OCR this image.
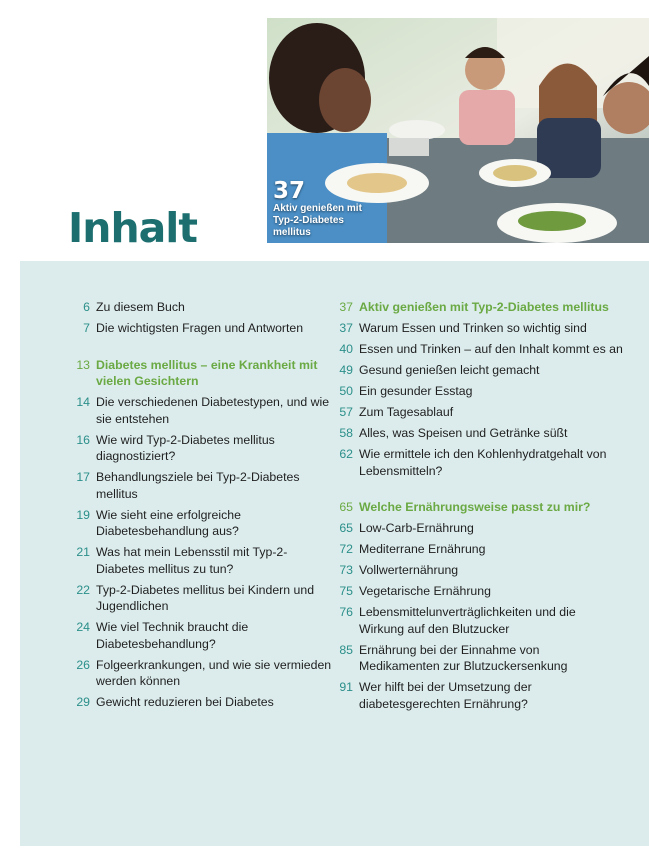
Inhalt
37
Aktiv genießen mit Typ-2-Diabetes mellitus
6 Zu diesem Buch
7 Die wichtigsten Fragen und Antworten
13 Diabetes mellitus – eine Krankheit mit vielen Gesichtern
14 Die verschiedenen Diabetestypen, und wie sie entstehen
16 Wie wird Typ-2-Diabetes mellitus diagnostiziert?
17 Behandlungsziele bei Typ-2-Diabetes mellitus
19 Wie sieht eine erfolgreiche Diabetesbehandlung aus?
21 Was hat mein Lebensstil mit Typ-2-Diabetes mellitus zu tun?
22 Typ-2-Diabetes mellitus bei Kindern und Jugendlichen
24 Wie viel Technik braucht die Diabetesbehandlung?
26 Folgeerkrankungen, und wie sie vermieden werden können
29 Gewicht reduzieren bei Diabetes
37 Aktiv genießen mit Typ-2-Diabetes mellitus
37 Warum Essen und Trinken so wichtig sind
40 Essen und Trinken – auf den Inhalt kommt es an
49 Gesund genießen leicht gemacht
50 Ein gesunder Esstag
57 Zum Tagesablauf
58 Alles, was Speisen und Getränke süßt
62 Wie ermittele ich den Kohlenhydratgehalt von Lebensmitteln?
65 Welche Ernährungsweise passt zu mir?
65 Low-Carb-Ernährung
72 Mediterrane Ernährung
73 Vollwerternährung
75 Vegetarische Ernährung
76 Lebensmittelunverträglichkeiten und die Wirkung auf den Blutzucker
85 Ernährung bei der Einnahme von Medikamenten zur Blutzuckersenkung
91 Wer hilft bei der Umsetzung der diabetesgerechten Ernährung?
